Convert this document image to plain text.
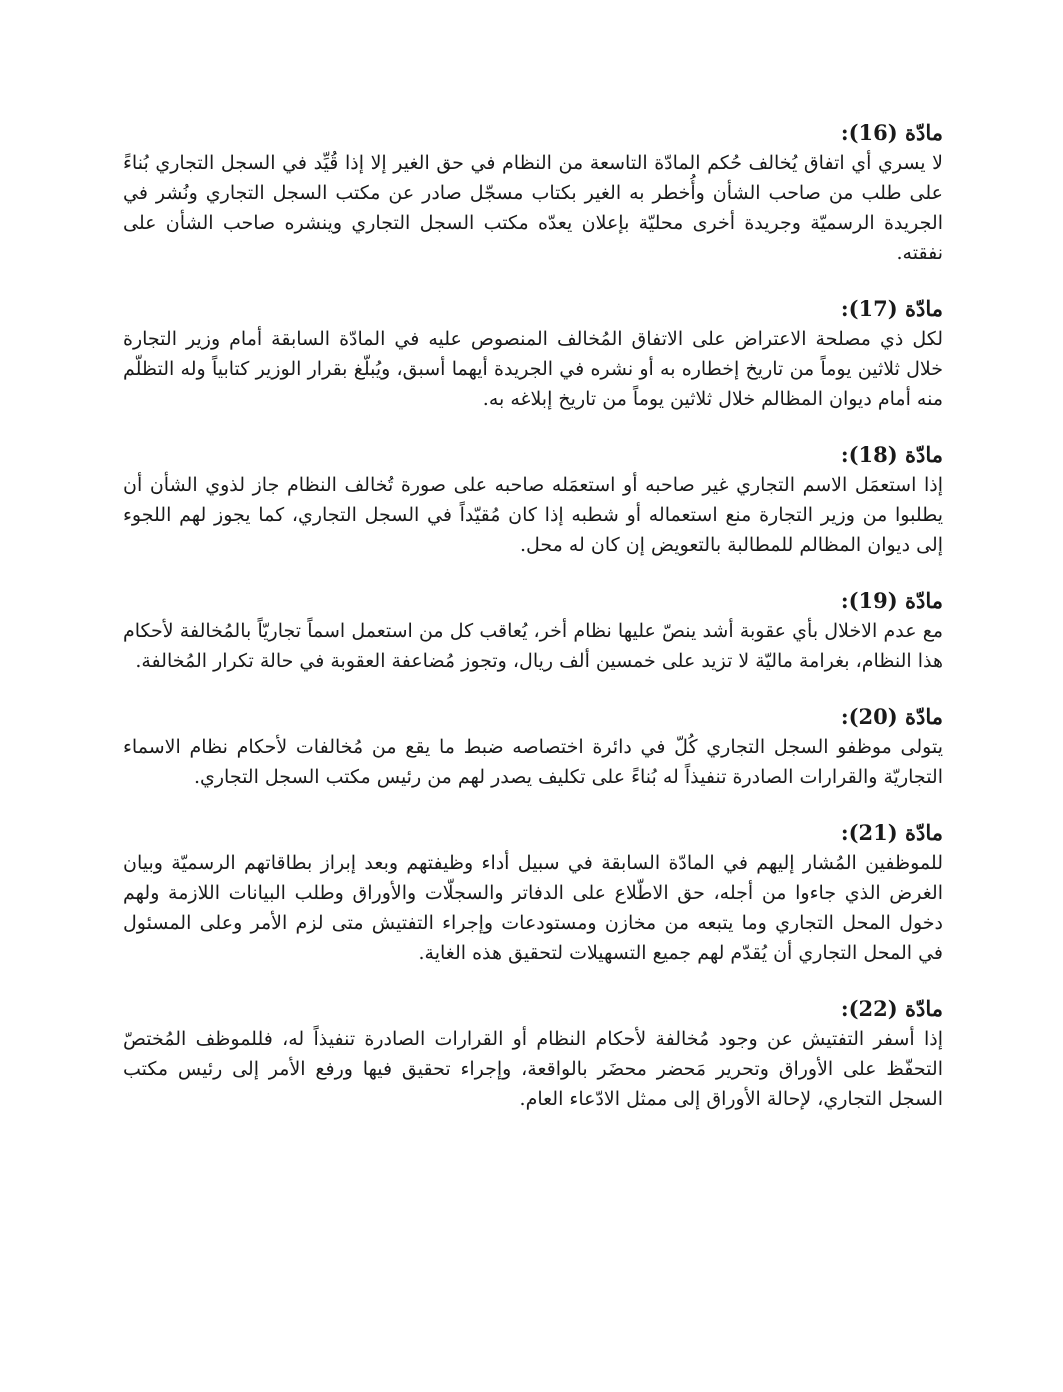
مادّة (16):

لا يسري أي اتفاق يُخالف حُكم المادّة التاسعة من النظام في حق الغير إلا إذا قُيِّد في السجل التجاري بُناءً على طلب من صاحب الشأن وأُخطر به الغير بكتاب مسجّل صادر عن مكتب السجل التجاري ونُشر في الجريدة الرسميّة وجريدة أخرى محليّة بإعلان يعدّه مكتب السجل التجاري وينشره صاحب الشأن على نفقته.

مادّة (17):

لكل ذي مصلحة الاعتراض على الاتفاق المُخالف المنصوص عليه في المادّة السابقة أمام وزير التجارة خلال ثلاثين يوماً من تاريخ إخطاره به أو نشره في الجريدة أيهما أسبق، ويُبلّغ بقرار الوزير كتابياً وله التظلّم منه أمام ديوان المظالم خلال ثلاثين يوماً من تاريخ إبلاغه به.

مادّة (18):

إذا استعمَل الاسم التجاري غير صاحبه أو استعمَله صاحبه على صورة تُخالف النظام جاز لذوي الشأن أن يطلبوا من وزير التجارة منع استعماله أو شطبه إذا كان مُقيّداً في السجل التجاري، كما يجوز لهم اللجوء إلى ديوان المظالم للمطالبة بالتعويض إن كان له محل.

مادّة (19):

مع عدم الاخلال بأي عقوبة أشد ينصّ عليها نظام أخر، يُعاقب كل من استعمل اسماً تجاريّاً بالمُخالفة لأحكام هذا النظام، بغرامة ماليّة لا تزيد على خمسين ألف ريال، وتجوز مُضاعفة العقوبة في حالة تكرار المُخالفة.

مادّة (20):

يتولى موظفو السجل التجاري كُلّ في دائرة اختصاصه ضبط ما يقع من مُخالفات لأحكام نظام الاسماء التجاريّة والقرارات الصادرة تنفيذاً له بُناءً على تكليف يصدر لهم من رئيس مكتب السجل التجاري.

مادّة (21):

للموظفين المُشار إليهم في المادّة السابقة في سبيل أداء وظيفتهم وبعد إبراز بطاقاتهم الرسميّة وبيان الغرض الذي جاءوا من أجله، حق الاطّلاع على الدفاتر والسجلّات والأوراق وطلب البيانات اللازمة ولهم دخول المحل التجاري وما يتبعه من مخازن ومستودعات وإجراء التفتيش متى لزم الأمر وعلى المسئول في المحل التجاري أن يُقدّم لهم جميع التسهيلات لتحقيق هذه الغاية.

مادّة (22):

إذا أسفر التفتيش عن وجود مُخالفة لأحكام النظام أو القرارات الصادرة تنفيذاً له، فللموظف المُختصّ التحفّظ على الأوراق وتحرير مَحضر محضَر بالواقعة، وإجراء تحقيق فيها ورفع الأمر إلى رئيس مكتب السجل التجاري، لإحالة الأوراق إلى ممثل الادّعاء العام.
